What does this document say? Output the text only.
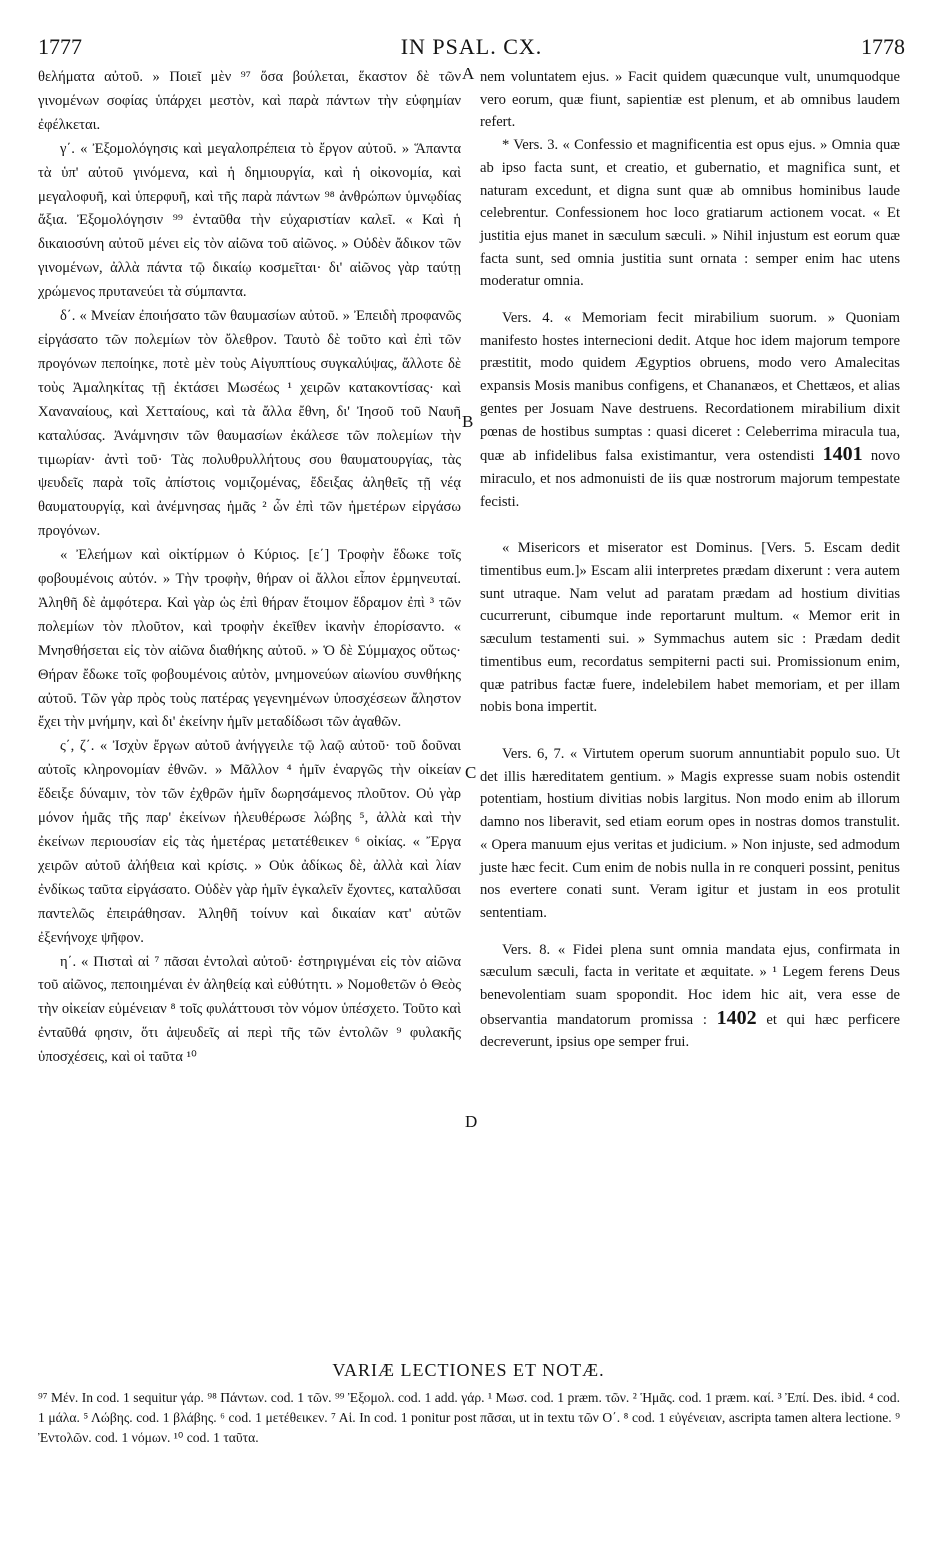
1777	IN PSAL. CX.	1778
A
B
C
D

θελήματα αὐτοῦ. » Ποιεῖ μὲν ⁹⁷ ὅσα βούλεται, ἕκαστον δὲ τῶν γινομένων σοφίας ὑπάρχει μεστὸν, καὶ παρὰ πάντων τὴν εὐφημίαν ἐφέλκεται.

γ΄. « Ἐξομολόγησις καὶ μεγαλοπρέπεια τὸ ἔργον αὐτοῦ. » Ἅπαντα τὰ ὑπ' αὐτοῦ γινόμενα, καὶ ἡ δημιουργία, καὶ ἡ οἰκονομία, καὶ μεγαλοφυῆ, καὶ ὑπερφυῆ, καὶ τῆς παρὰ πάντων ⁹⁸ ἀνθρώπων ὑμνῳδίας ἄξια. Ἐξομολόγησιν ⁹⁹ ἐνταῦθα τὴν εὐχαριστίαν καλεῖ. « Καὶ ἡ δικαιοσύνη αὐτοῦ μένει εἰς τὸν αἰῶνα τοῦ αἰῶνος. » Οὐδὲν ἄδικον τῶν γινομένων, ἀλλὰ πάντα τῷ δικαίῳ κοσμεῖται· δι' αἰῶνος γὰρ ταύτῃ χρώμενος πρυτανεύει τὰ σύμπαντα.

δ΄. « Μνείαν ἐποιήσατο τῶν θαυμασίων αὐτοῦ. » Ἐπειδὴ προφανῶς εἰργάσατο τῶν πολεμίων τὸν ὄλεθρον. Ταυτὸ δὲ τοῦτο καὶ ἐπὶ τῶν προγόνων πεποίηκε, ποτὲ μὲν τοὺς Αἰγυπτίους συγκαλύψας, ἄλλοτε δὲ τοὺς Ἀμαληκίτας τῇ ἐκτάσει Μωσέως ¹ χειρῶν κατακοντίσας· καὶ Χαναναίους, καὶ Χετταίους, καὶ τὰ ἄλλα ἔθνη, δι' Ἰησοῦ τοῦ Ναυῆ καταλύσας. Ἀνάμνησιν τῶν θαυμασίων ἐκάλεσε τῶν πολεμίων τὴν τιμωρίαν· ἀντὶ τοῦ· Τὰς πολυθρυλλήτους σου θαυματουργίας, τὰς ψευδεῖς παρὰ τοῖς ἀπίστοις νομιζομένας, ἔδειξας ἀληθεῖς τῇ νέᾳ θαυματουργίᾳ, καὶ ἀνέμνησας ἡμᾶς ² ὧν ἐπὶ τῶν ἡμετέρων εἰργάσω προγόνων.

« Ἐλεήμων καὶ οἰκτίρμων ὁ Κύριος. [ε΄] Τροφὴν ἔδωκε τοῖς φοβουμένοις αὐτόν. » Τὴν τροφὴν, θήραν οἱ ἄλλοι εἶπον ἑρμηνευταί. Ἀληθῆ δὲ ἀμφότερα. Καὶ γὰρ ὡς ἐπὶ θήραν ἕτοιμον ἔδραμον ἐπὶ ³ τῶν πολεμίων τὸν πλοῦτον, καὶ τροφὴν ἐκεῖθεν ἱκανὴν ἐπορίσαντο. « Μνησθήσεται εἰς τὸν αἰῶνα διαθήκης αὐτοῦ. » Ὁ δὲ Σύμμαχος οὕτως· Θήραν ἔδωκε τοῖς φοβουμένοις αὐτὸν, μνημονεύων αἰωνίου συνθήκης αὐτοῦ. Τῶν γὰρ πρὸς τοὺς πατέρας γεγενημένων ὑποσχέσεων ἄληστον ἔχει τὴν μνήμην, καὶ δι' ἐκείνην ἡμῖν μεταδίδωσι τῶν ἀγαθῶν.

ς΄, ζ΄. « Ἰσχὺν ἔργων αὐτοῦ ἀνήγγειλε τῷ λαῷ αὐτοῦ· τοῦ δοῦναι αὐτοῖς κληρονομίαν ἐθνῶν. » Μᾶλλον ⁴ ἡμῖν ἐναργῶς τὴν οἰκείαν ἔδειξε δύναμιν, τὸν τῶν ἐχθρῶν ἡμῖν δωρησάμενος πλοῦτον. Οὐ γὰρ μόνον ἡμᾶς τῆς παρ' ἐκείνων ἠλευθέρωσε λώβης ⁵, ἀλλὰ καὶ τὴν ἐκείνων περιουσίαν εἰς τὰς ἡμετέρας μετατέθεικεν ⁶ οἰκίας. « Ἔργα χειρῶν αὐτοῦ ἀλήθεια καὶ κρίσις. » Οὐκ ἀδίκως δὲ, ἀλλὰ καὶ λίαν ἐνδίκως ταῦτα εἰργάσατο. Οὐδὲν γὰρ ἡμῖν ἐγκαλεῖν ἔχοντες, καταλῦσαι παντελῶς ἐπειράθησαν. Ἀληθῆ τοίνυν καὶ δικαίαν κατ' αὐτῶν ἐξενήνοχε ψῆφον.

η΄. « Πισταὶ αἱ ⁷ πᾶσαι ἐντολαὶ αὐτοῦ· ἐστηριγμέναι εἰς τὸν αἰῶνα τοῦ αἰῶνος, πεποιημέναι ἐν ἀληθείᾳ καὶ εὐθύτητι. » Νομοθετῶν ὁ Θεὸς τὴν οἰκείαν εὐμένειαν ⁸ τοῖς φυλάττουσι τὸν νόμον ὑπέσχετο. Τοῦτο καὶ ἐνταῦθά φησιν, ὅτι ἀψευδεῖς αἱ περὶ τῆς τῶν ἐντολῶν ⁹ φυλακῆς ὑποσχέσεις, καὶ οἱ ταῦτα ¹⁰

nem voluntatem ejus. » Facit quidem quæcunque vult, unumquodque vero eorum, quæ fiunt, sapientiæ est plenum, et ab omnibus laudem refert.

* Vers. 3. « Confessio et magnificentia est opus ejus. » Omnia quæ ab ipso facta sunt, et creatio, et gubernatio, et magnifica sunt, et naturam excedunt, et digna sunt quæ ab omnibus hominibus laude celebrentur. Confessionem hoc loco gratiarum actionem vocat. « Et justitia ejus manet in sæculum sæculi. » Nihil injustum est eorum quæ facta sunt, sed omnia justitia sunt ornata : semper enim hac utens moderatur omnia.

Vers. 4. « Memoriam fecit mirabilium suorum. » Quoniam manifesto hostes internecioni dedit. Atque hoc idem majorum tempore præstitit, modo quidem Ægyptios obruens, modo vero Amalecitas expansis Mosis manibus configens, et Chananæos, et Chettæos, et alias gentes per Josuam Nave destruens. Recordationem mirabilium dixit pœnas de hostibus sumptas : quasi diceret : Celeberrima miracula tua, quæ ab infidelibus falsa existimantur, vera ostendisti 1401 novo miraculo, et nos admonuisti de iis quæ nostrorum majorum tempestate fecisti.

« Misericors et miserator est Dominus. [Vers. 5. Escam dedit timentibus eum.]» Escam alii interpretes prædam dixerunt : vera autem sunt utraque. Nam velut ad paratam prædam ad hostium divitias cucurrerunt, cibumque inde reportarunt multum. « Memor erit in sæculum testamenti sui. » Symmachus autem sic : Prædam dedit timentibus eum, recordatus sempiterni pacti sui. Promissionum enim, quæ patribus factæ fuere, indelebilem habet memoriam, et per illam nobis bona impertit.

Vers. 6, 7. « Virtutem operum suorum annuntiabit populo suo. Ut det illis hæreditatem gentium. » Magis expresse suam nobis ostendit potentiam, hostium divitias nobis largitus. Non modo enim ab illorum damno nos liberavit, sed etiam eorum opes in nostras domos transtulit. « Opera manuum ejus veritas et judicium. » Non injuste, sed admodum juste hæc fecit. Cum enim de nobis nulla in re conqueri possint, penitus nos evertere conati sunt. Veram igitur et justam in eos protulit sententiam.

Vers. 8. « Fidei plena sunt omnia mandata ejus, confirmata in sæculum sæculi, facta in veritate et æquitate. » ¹ Legem ferens Deus benevolentiam suam spopondit. Hoc idem hic ait, vera esse de observantia mandatorum promissa : 1402 et qui hæc perficere decreverunt, ipsius ope semper frui.

VARIÆ LECTIONES ET NOTÆ.

⁹⁷ Μέν. In cod. 1 sequitur γάρ. ⁹⁸ Πάντων. cod. 1 τῶν. ⁹⁹ Ἐξομολ. cod. 1 add. γάρ. ¹ Μωσ. cod. 1 præm. τῶν. ² Ἡμᾶς. cod. 1 præm. καί. ³ Ἐπί. Des. ibid. ⁴ cod. 1 μάλα. ⁵ Λώβης. cod. 1 βλάβης. ⁶ cod. 1 μετέθεικεν. ⁷ Αἱ. In cod. 1 ponitur post πᾶσαι, ut in textu τῶν Ο΄. ⁸ cod. 1 εὐγένειαν, ascripta tamen altera lectione. ⁹ Ἐντολῶν. cod. 1 νόμων. ¹⁰ cod. 1 ταῦτα.
